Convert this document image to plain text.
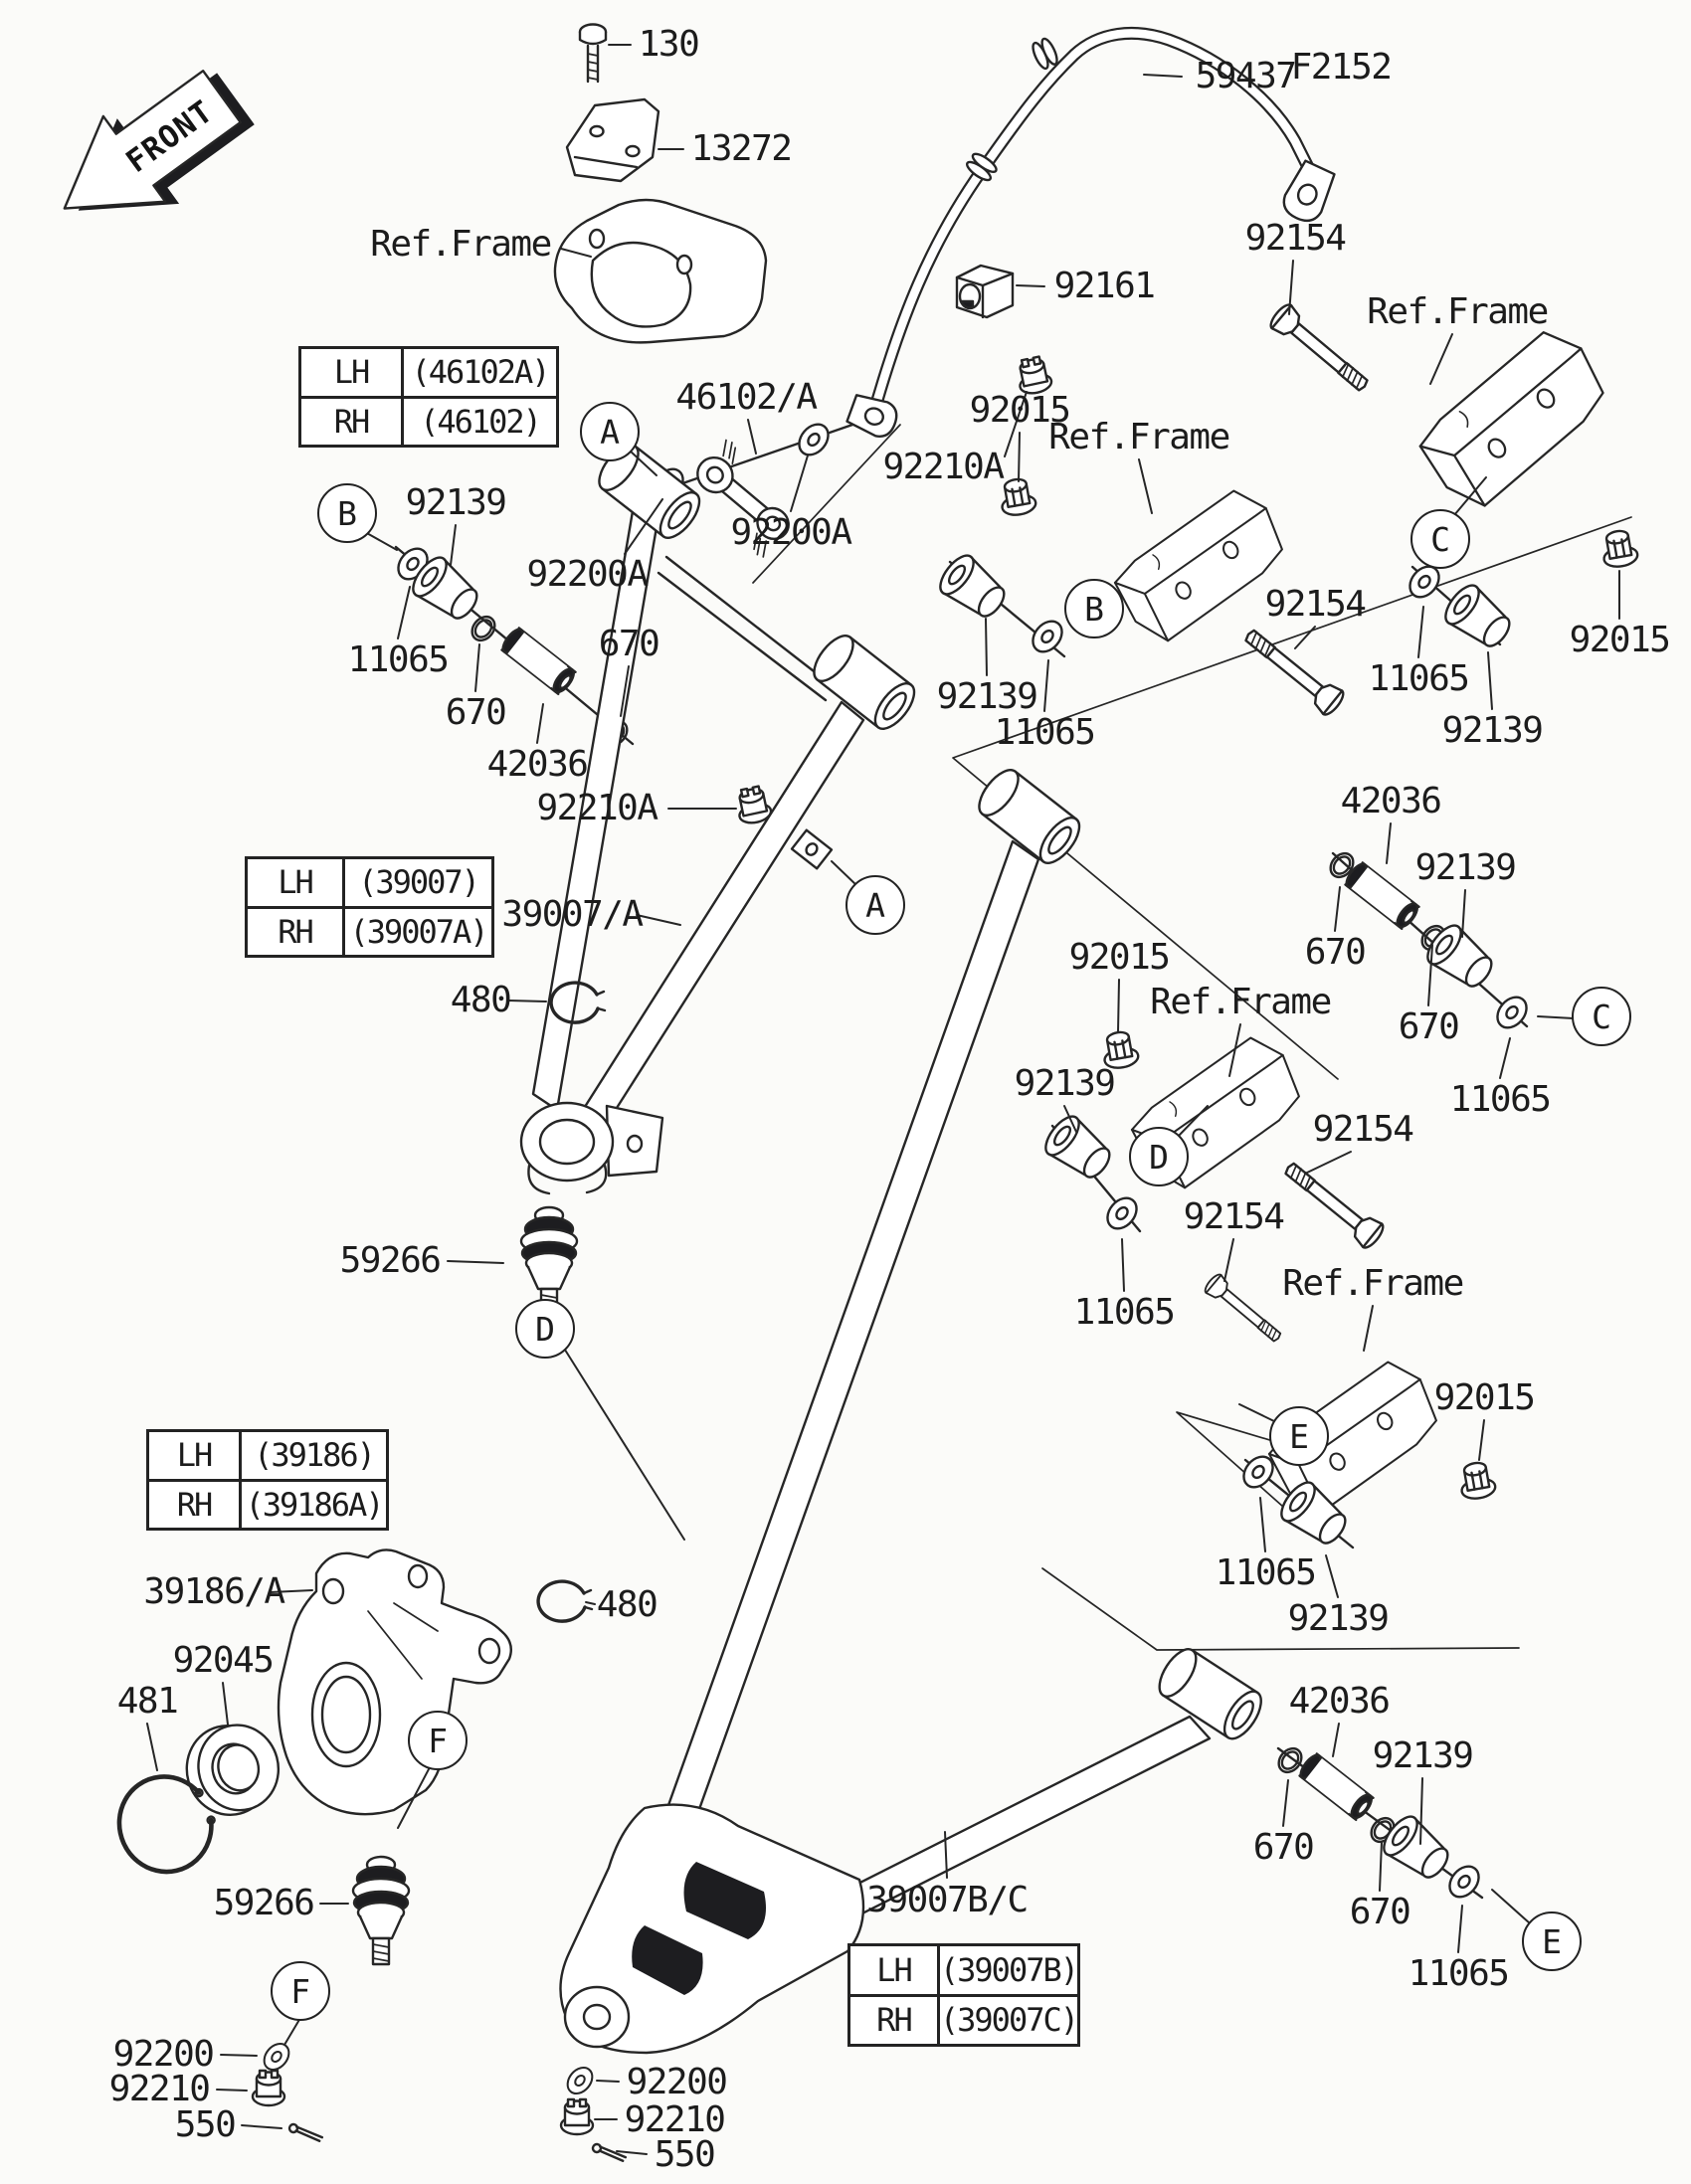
FRONT
130
59437
F2152
13272
Ref.Frame
92161
92154
Ref.Frame
92015
46102/A
92200A
92200A
92210A
92139
11065
670
42036
670
92210A
39007/A
480
92139
11065
92015
Ref.Frame
92154
42036
92139
11065
670
670
92139
11065
92015
Ref.Frame
92139
92154
11065
92154
Ref.Frame
92015
11065
92139
42036
670
670
92139
11065
39186/A
92045
481
480
59266
59266	39007B/C
92200
92210
550
92200
92210
550
A
A
B
B
C
C
D
D
E
E
F
F
LH	(46102A)
RH	(46102)
LH	(39007)
RH	(39007A)
LH	(39186)
RH	(39186A)
LH (39007B)
RH (39007C)
